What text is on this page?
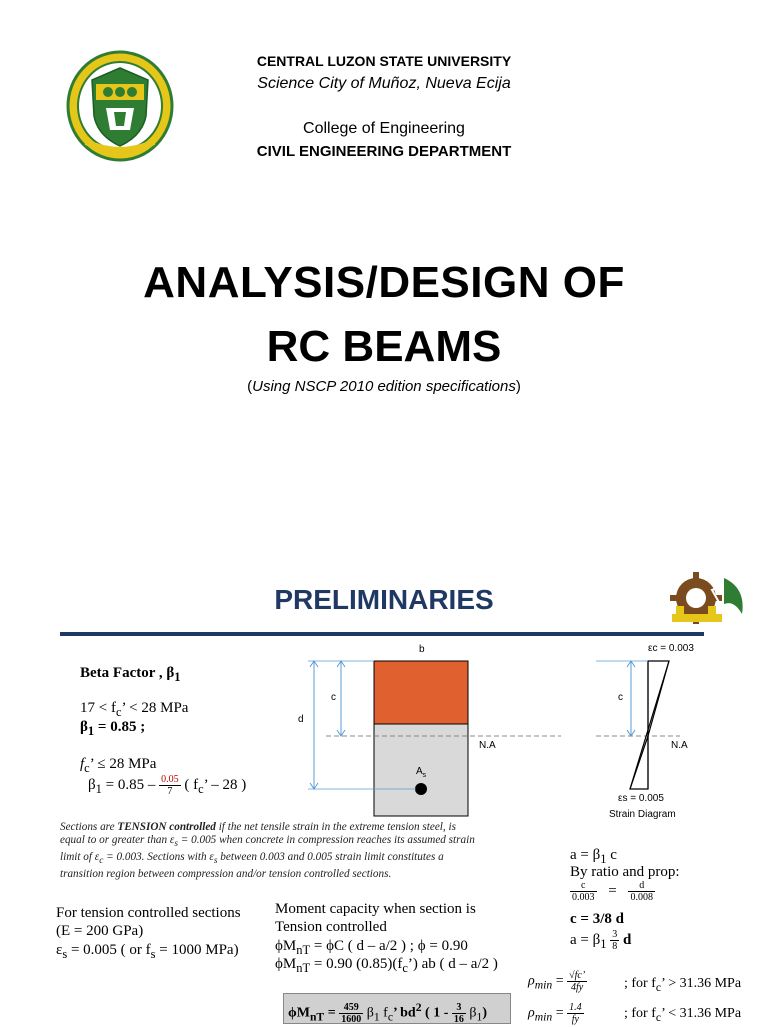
CENTRAL LUZON STATE UNIVERSITY
Science City of Muñoz, Nueva Ecija
College of Engineering
CIVIL ENGINEERING DEPARTMENT
ANALYSIS/DESIGN OF
RC BEAMS
(Using NSCP 2010 edition specifications)
PRELIMINARIES
Beta Factor , $\beta_1$
$17 < f_c$’ < 28 MPa
$\beta_1 = 0.85$ ;
$f_c$’ ≤ 28 MPa
$\beta_1 = 0.85 - \frac{0.05}{7}$ ( $f_c$’ – 28 )
Sections are TENSION controlled if the net tensile strain in the extreme tension steel, is equal to or greater than $\varepsilon_s = 0.005$ when concrete in compression reaches its assumed strain limit of $\varepsilon_c = 0.003$. Sections with $\varepsilon_s$ between 0.003 and 0.005 strain limit constitutes a transition region between compression and/or tension controlled sections.
For tension controlled sections
(E = 200 GPa)
$\varepsilon_s = 0.005$ ( or $f_s = 1000$ MPa)
Moment capacity when section is
Tension controlled
$\phi M_{nT} = \phi C$ ( d – a/2 ) ; ϕ = 0.90
$\phi M_{nT} = 0.90$ $(0.85)(f_c’)$ ab ( d – a/2 )
$\phi M_{nT} = \frac{459}{1600} \beta_1$ $f_c$’ $bd^2$ ( $1 - \frac{3}{16} \beta_1$)
b
c
d
N.A
$A_s$
εc = 0.003
c
N.A
εs = 0.005
Strain Diagram
$a = \beta_1$ c
By ratio and prop:
$\frac{c}{0.003} = \frac{d}{0.008}$
c = 3/8 d
$a = \beta_1 \frac{3}{8}$ d
$\rho_{min} = \frac{√fc’}{4fy}$	; for $f_c$’ > 31.36 MPa
$\rho_{min} = \frac{1.4}{fy}$	; for $f_c$’ < 31.36 MPa
